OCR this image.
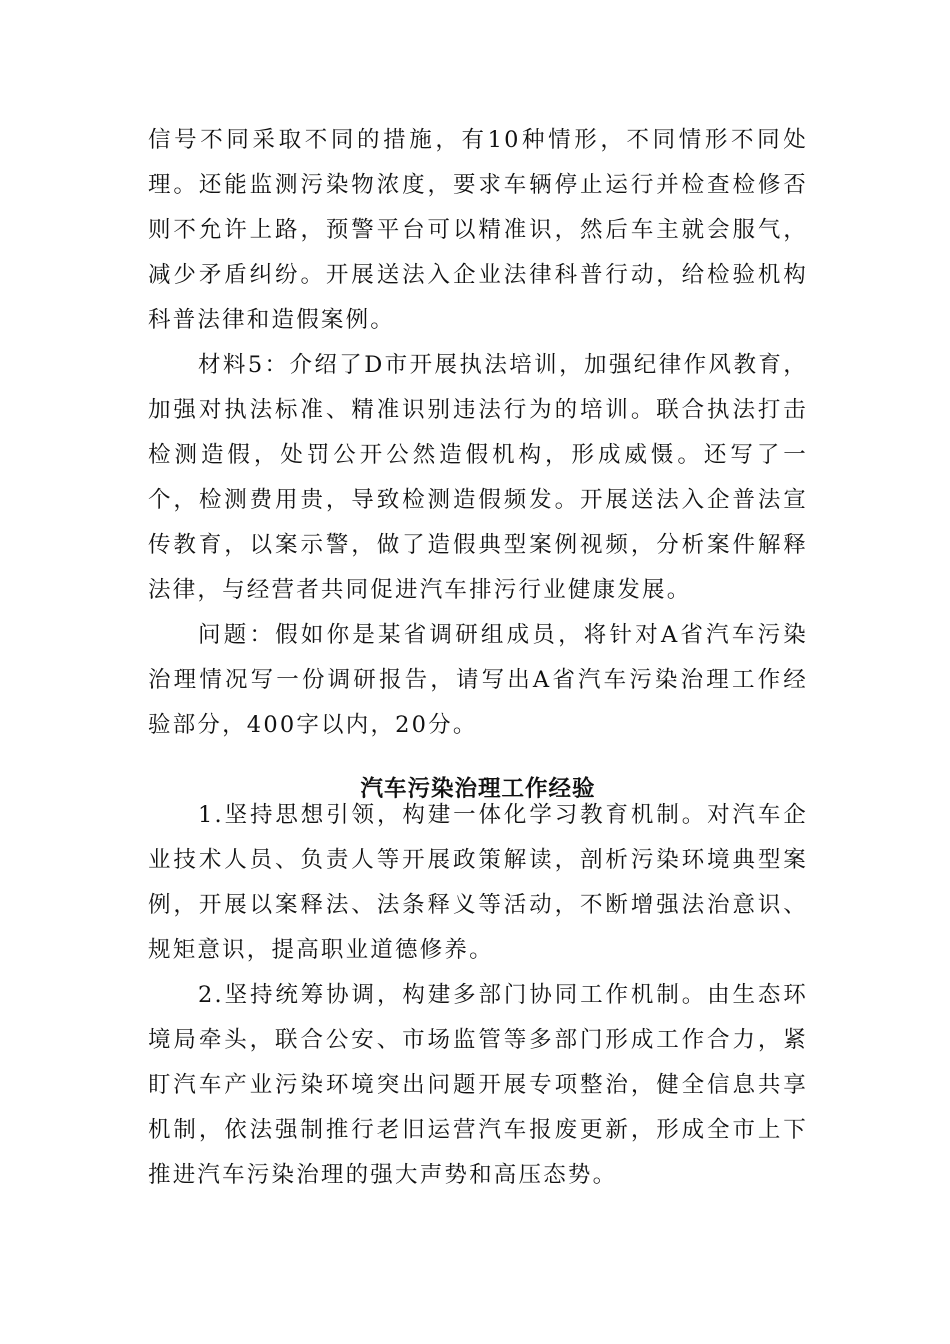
信号不同采取不同的措施，有10种情形，不同情形不同处理。还能监测污染物浓度，要求车辆停止运行并检查检修否则不允许上路，预警平台可以精准识，然后车主就会服气，减少矛盾纠纷。开展送法入企业法律科普行动，给检验机构科普法律和造假案例。

材料5：介绍了D市开展执法培训，加强纪律作风教育，加强对执法标准、精准识别违法行为的培训。联合执法打击检测造假，处罚公开公然造假机构，形成威慑。还写了一个，检测费用贵，导致检测造假频发。开展送法入企普法宣传教育，以案示警，做了造假典型案例视频，分析案件解释法律，与经营者共同促进汽车排污行业健康发展。

问题：假如你是某省调研组成员，将针对A省汽车污染治理情况写一份调研报告，请写出A省汽车污染治理工作经验部分，400字以内，20分。

汽车污染治理工作经验

1.坚持思想引领，构建一体化学习教育机制。对汽车企业技术人员、负责人等开展政策解读，剖析污染环境典型案例，开展以案释法、法条释义等活动，不断增强法治意识、规矩意识，提高职业道德修养。

2.坚持统筹协调，构建多部门协同工作机制。由生态环境局牵头，联合公安、市场监管等多部门形成工作合力，紧盯汽车产业污染环境突出问题开展专项整治，健全信息共享机制，依法强制推行老旧运营汽车报废更新，形成全市上下推进汽车污染治理的强大声势和高压态势。
